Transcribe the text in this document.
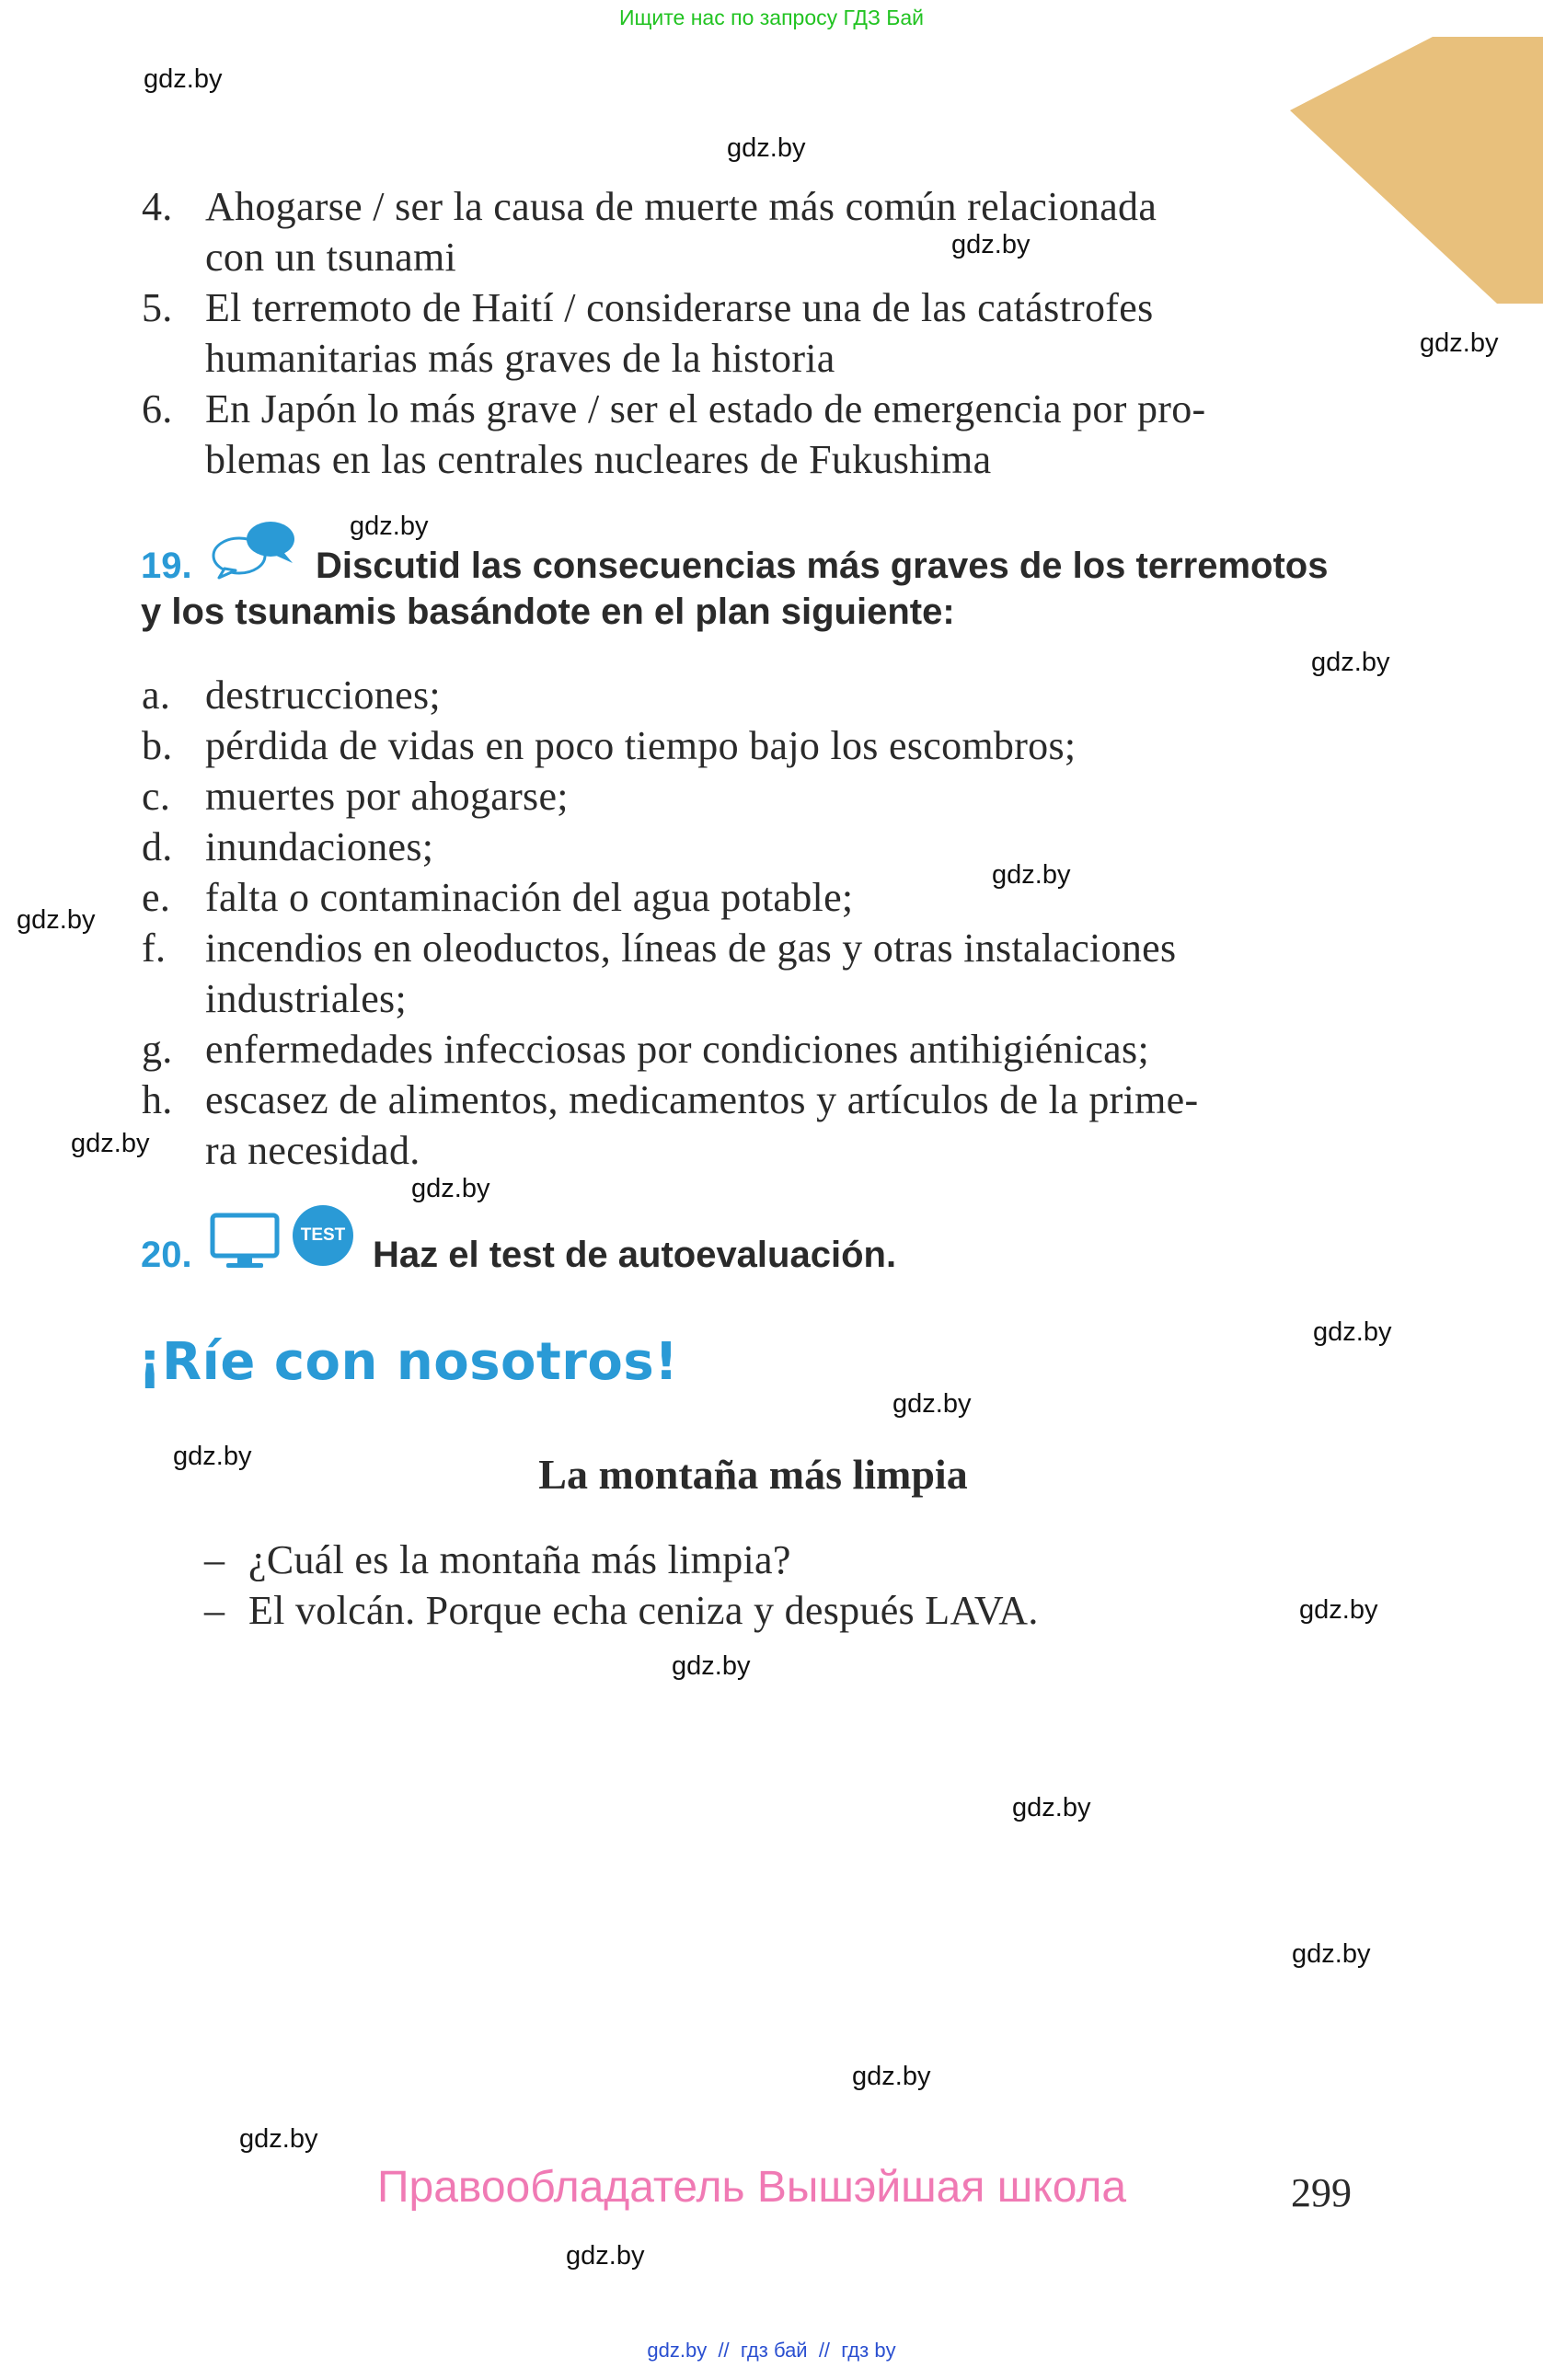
Ищите нас по запросу ГДЗ Бай
gdz.by
gdz.by
gdz.by
gdz.by
gdz.by
gdz.by
gdz.by
gdz.by
gdz.by
gdz.by
gdz.by
gdz.by
gdz.by
gdz.by
gdz.by
gdz.by
gdz.by
gdz.by
gdz.by
gdz.by
4. Ahogarse / ser la causa de muerte más común relacionada
con un tsunami
5. El terremoto de Haití / considerarse una de las catástrofes
humanitarias más graves de la historia
6. En Japón lo más grave / ser el estado de emergencia por pro-
blemas en las centrales nucleares de Fukushima
19.	Discutid las consecuencias más graves de los terremotos
y los tsunamis basándote en el plan siguiente:
a. destrucciones;
b. pérdida de vidas en poco tiempo bajo los escombros;
c. muertes por ahogarse;
d. inundaciones;
e. falta o contaminación del agua potable;
f. incendios en oleoductos, líneas de gas y otras instalaciones
industriales;
g. enfermedades infecciosas por condiciones antihigiénicas;
h. escasez de alimentos, medicamentos y artículos de la prime-
ra necesidad.
20.	TEST Haz el test de autoevaluación.
¡Ríe con nosotros!
La montaña más limpia
– ¿Cuál es la montaña más limpia?
– El volcán. Porque echa ceniza y después LAVA.
Правообладатель Вышэйшая школа	299
gdz.by  //  гдз бай  //  гдз by
